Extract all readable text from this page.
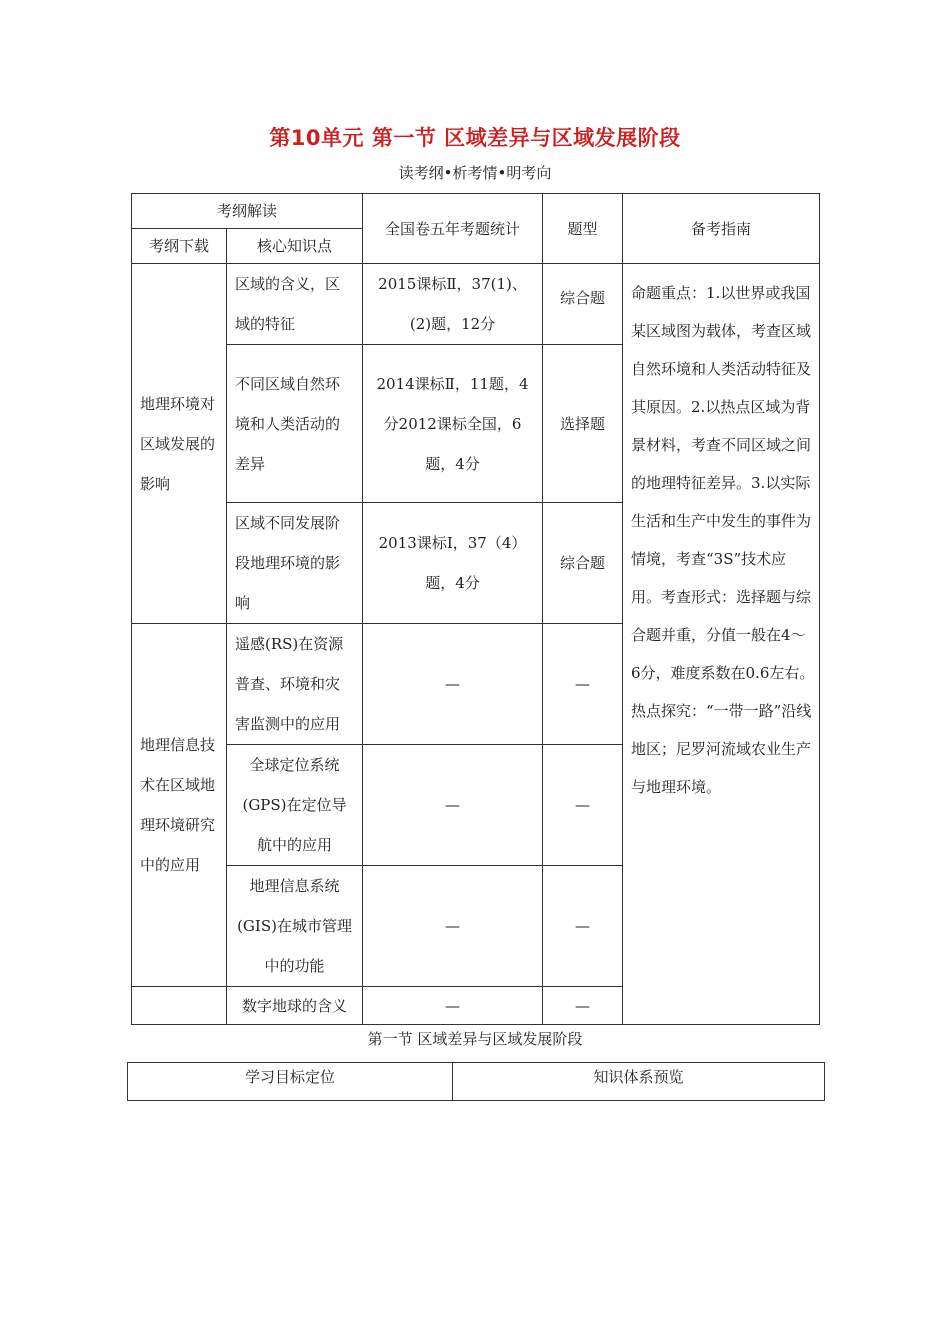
第10单元 第一节 区域差异与区域发展阶段
读考纲•析考情•明考向
考纲解读		全国卷五年考题统计	题型	备考指南
考纲下载	核心知识点			
地理环境对区域发展的影响	区域的含义，区域的特征	2015课标Ⅱ，37(1)、(2)题，12分	综合题	命题重点：1.以世界或我国某区域图为载体，考查区域自然环境和人类活动特征及其原因。2.以热点区域为背景材料，考查不同区域之间的地理特征差异。3.以实际生活和生产中发生的事件为情境，考查“3S”技术应用。考查形式：选择题与综合题并重，分值一般在4～6分，难度系数在0.6左右。热点探究：“一带一路”沿线地区；尼罗河流域农业生产与地理环境。

	不同区域自然环境和人类活动的差异	2014课标Ⅱ，11题，4分2012课标全国，6题，4分	选择题	
	区域不同发展阶段地理环境的影响	2013课标Ⅰ，37（4）题，4分	综合题	
地理信息技术在区域地理环境研究中的应用	遥感(RS)在资源普查、环境和灾害监测中的应用	—	—	
	全球定位系统(GPS)在定位导航中的应用	—	—	
	地理信息系统(GIS)在城市管理中的功能	—	—	
	数字地球的含义	—	—	
第一节 区域差异与区域发展阶段
学习目标定位	知识体系预览
